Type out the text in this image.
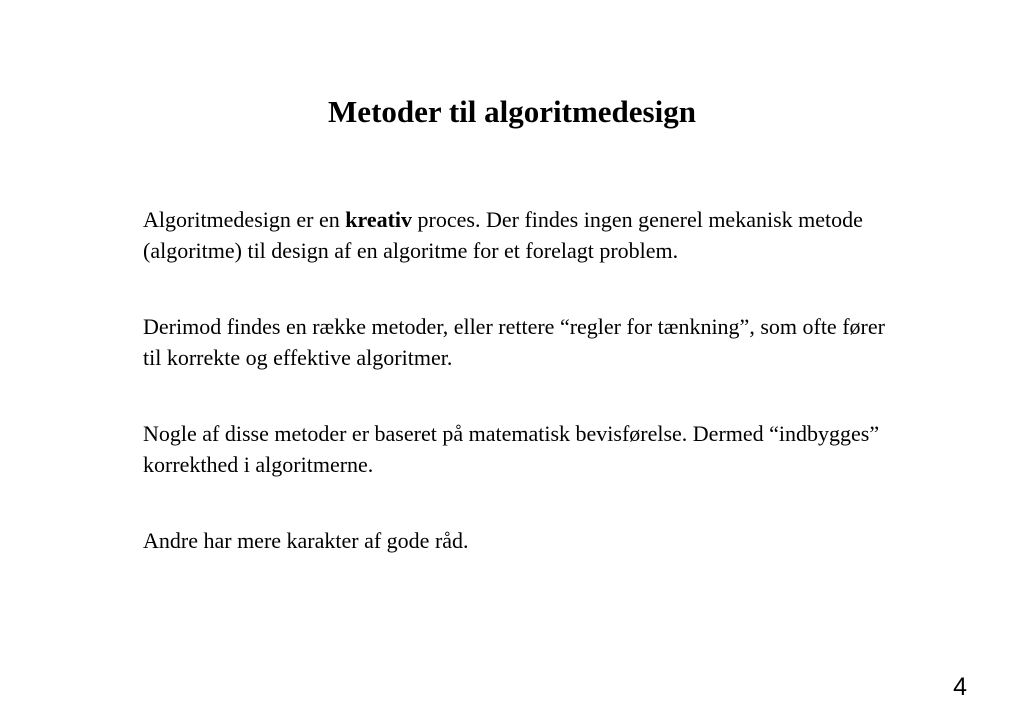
Metoder til algoritmedesign

Algoritmedesign er en kreativ proces. Der findes ingen generel mekanisk metode (algoritme) til design af en algoritme for et forelagt problem.

Derimod findes en række metoder, eller rettere “regler for tænkning”, som ofte fører til korrekte og effektive algoritmer.

Nogle af disse metoder er baseret på matematisk bevisførelse. Dermed “indbygges” korrekthed i algoritmerne.

Andre har mere karakter af gode råd.

4
